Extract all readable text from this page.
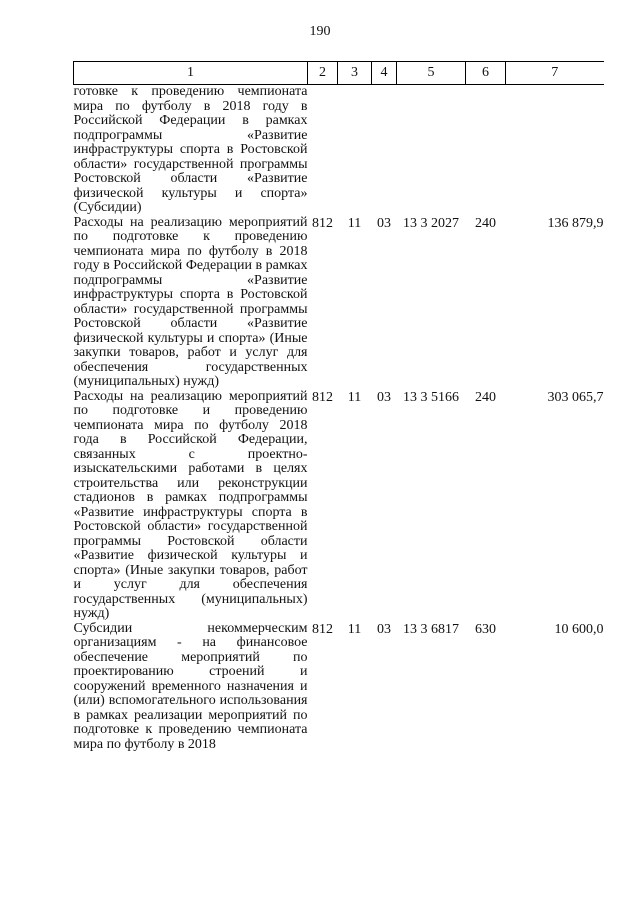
190
1	2	3	4	5	6	7
готовке к проведению чемпионата мира по футболу в 2018 году в Российской Федерации в рамках подпрограммы «Развитие инфраструктуры спорта в Ростовской области» государственной программы Ростовской области «Развитие физической культуры и спорта» (Субсидии)						
Расходы на реализацию мероприятий по подготовке к проведению чемпионата мира по футболу в 2018 году в Российской Федерации в рамках подпрограммы «Развитие инфраструктуры спорта в Ростовской области» государственной программы Ростовской области «Развитие физической культуры и спорта» (Иные закупки товаров, работ и услуг для обеспечения государственных (муниципальных) нужд)	812	11	03	13 3 2027	240	136 879,9
Расходы на реализацию мероприятий по подготовке и проведению чемпионата мира по футболу 2018 года в Российской Федерации, связанных с проектно-изыскательскими работами в целях строительства или реконструкции стадионов в рамках подпрограммы «Развитие инфраструктуры спорта в Ростовской области» государственной программы Ростовской области «Развитие физической культуры и спорта» (Иные закупки товаров, работ и услуг для обеспечения государственных (муниципальных) нужд)	812	11	03	13 3 5166	240	303 065,7
Субсидии некоммерческим организациям - на финансовое обеспечение мероприятий по проектированию строений и сооружений временного назначения и (или) вспомогательного использования в рамках реализации мероприятий по подготовке к проведению чемпионата мира по футболу в 2018	812	11	03	13 3 6817	630	10 600,0
